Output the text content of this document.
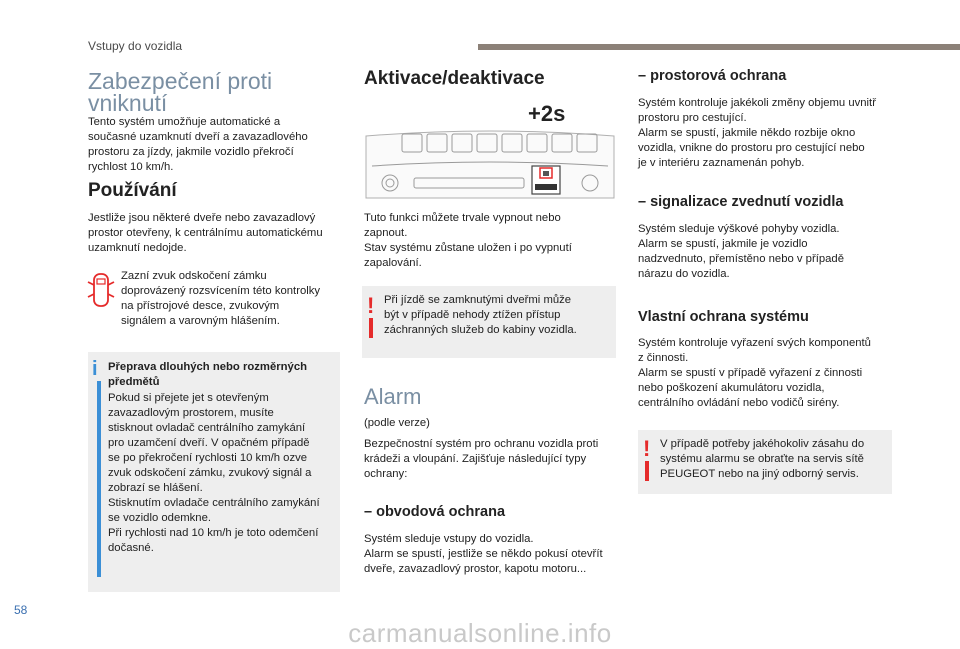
Vstupy do vozidla
Zabezpečení proti
vniknutí
Tento systém umožňuje automatické a
současné uzamknutí dveří a zavazadlového
prostoru za jízdy, jakmile vozidlo překročí
rychlost 10 km/h.
Používání
Jestliže jsou některé dveře nebo zavazadlový
prostor otevřeny, k centrálnímu automatickému
uzamknutí nedojde.
Zazní zvuk odskočení zámku
doprovázený rozsvícením této kontrolky
na přístrojové desce, zvukovým
signálem a varovným hlášením.
i Přeprava dlouhých nebo rozměrných
předmětů
Pokud si přejete jet s otevřeným
zavazadlovým prostorem, musíte
stisknout ovladač centrálního zamykání
pro uzamčení dveří. V opačném případě
se po překročení rychlosti 10 km/h ozve
zvuk odskočení zámku, zvukový signál a
zobrazí se hlášení.
Stisknutím ovladače centrálního zamykání
se vozidlo odemkne.
Při rychlosti nad 10 km/h je toto odemčení
dočasné.
Aktivace/deaktivace
+2s
Tuto funkci můžete trvale vypnout nebo
zapnout.
Stav systému zůstane uložen i po vypnutí
zapalování.
! Při jízdě se zamknutými dveřmi může
být v případě nehody ztížen přístup
záchranných služeb do kabiny vozidla.
Alarm
(podle verze)
Bezpečnostní systém pro ochranu vozidla proti
krádeži a vloupání. Zajišťuje následující typy
ochrany:
– obvodová ochrana
Systém sleduje vstupy do vozidla.
Alarm se spustí, jestliže se někdo pokusí otevřít
dveře, zavazadlový prostor, kapotu motoru...
– prostorová ochrana
Systém kontroluje jakékoli změny objemu uvnitř
prostoru pro cestující.
Alarm se spustí, jakmile někdo rozbije okno
vozidla, vnikne do prostoru pro cestující nebo
je v interiéru zaznamenán pohyb.
– signalizace zvednutí vozidla
Systém sleduje výškové pohyby vozidla.
Alarm se spustí, jakmile je vozidlo
nadzvednuto, přemístěno nebo v případě
nárazu do vozidla.
Vlastní ochrana systému
Systém kontroluje vyřazení svých komponentů
z činnosti.
Alarm se spustí v případě vyřazení z činnosti
nebo poškození akumulátoru vozidla,
centrálního ovládání nebo vodičů sirény.
! V případě potřeby jakéhokoliv zásahu do
systému alarmu se obraťte na servis sítě
PEUGEOT nebo na jiný odborný servis.
58
carmanualsonline.info
